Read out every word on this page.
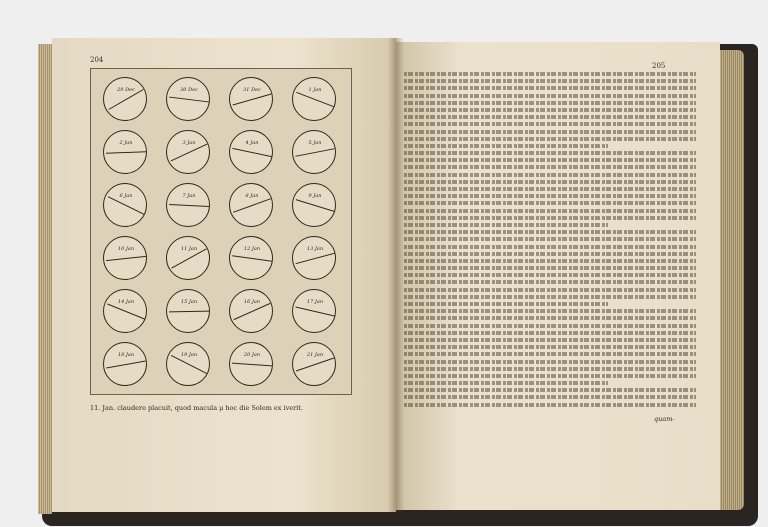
204
205
29 Dec	30 Dec	31 Dec	1 Jan
2 Jan	3 Jan	4 Jan	5 Jan
6 Jan	7 Jan	8 Jan	9 Jan
10 Jan	11 Jan	12 Jan	13 Jan
14 Jan	15 Jan	16 Jan	17 Jan
18 Jan	19 Jan	20 Jan	21 Jan
11. Jan. claudere placuit, quod macula μ hoc die Solem ex iverit.
quam-
